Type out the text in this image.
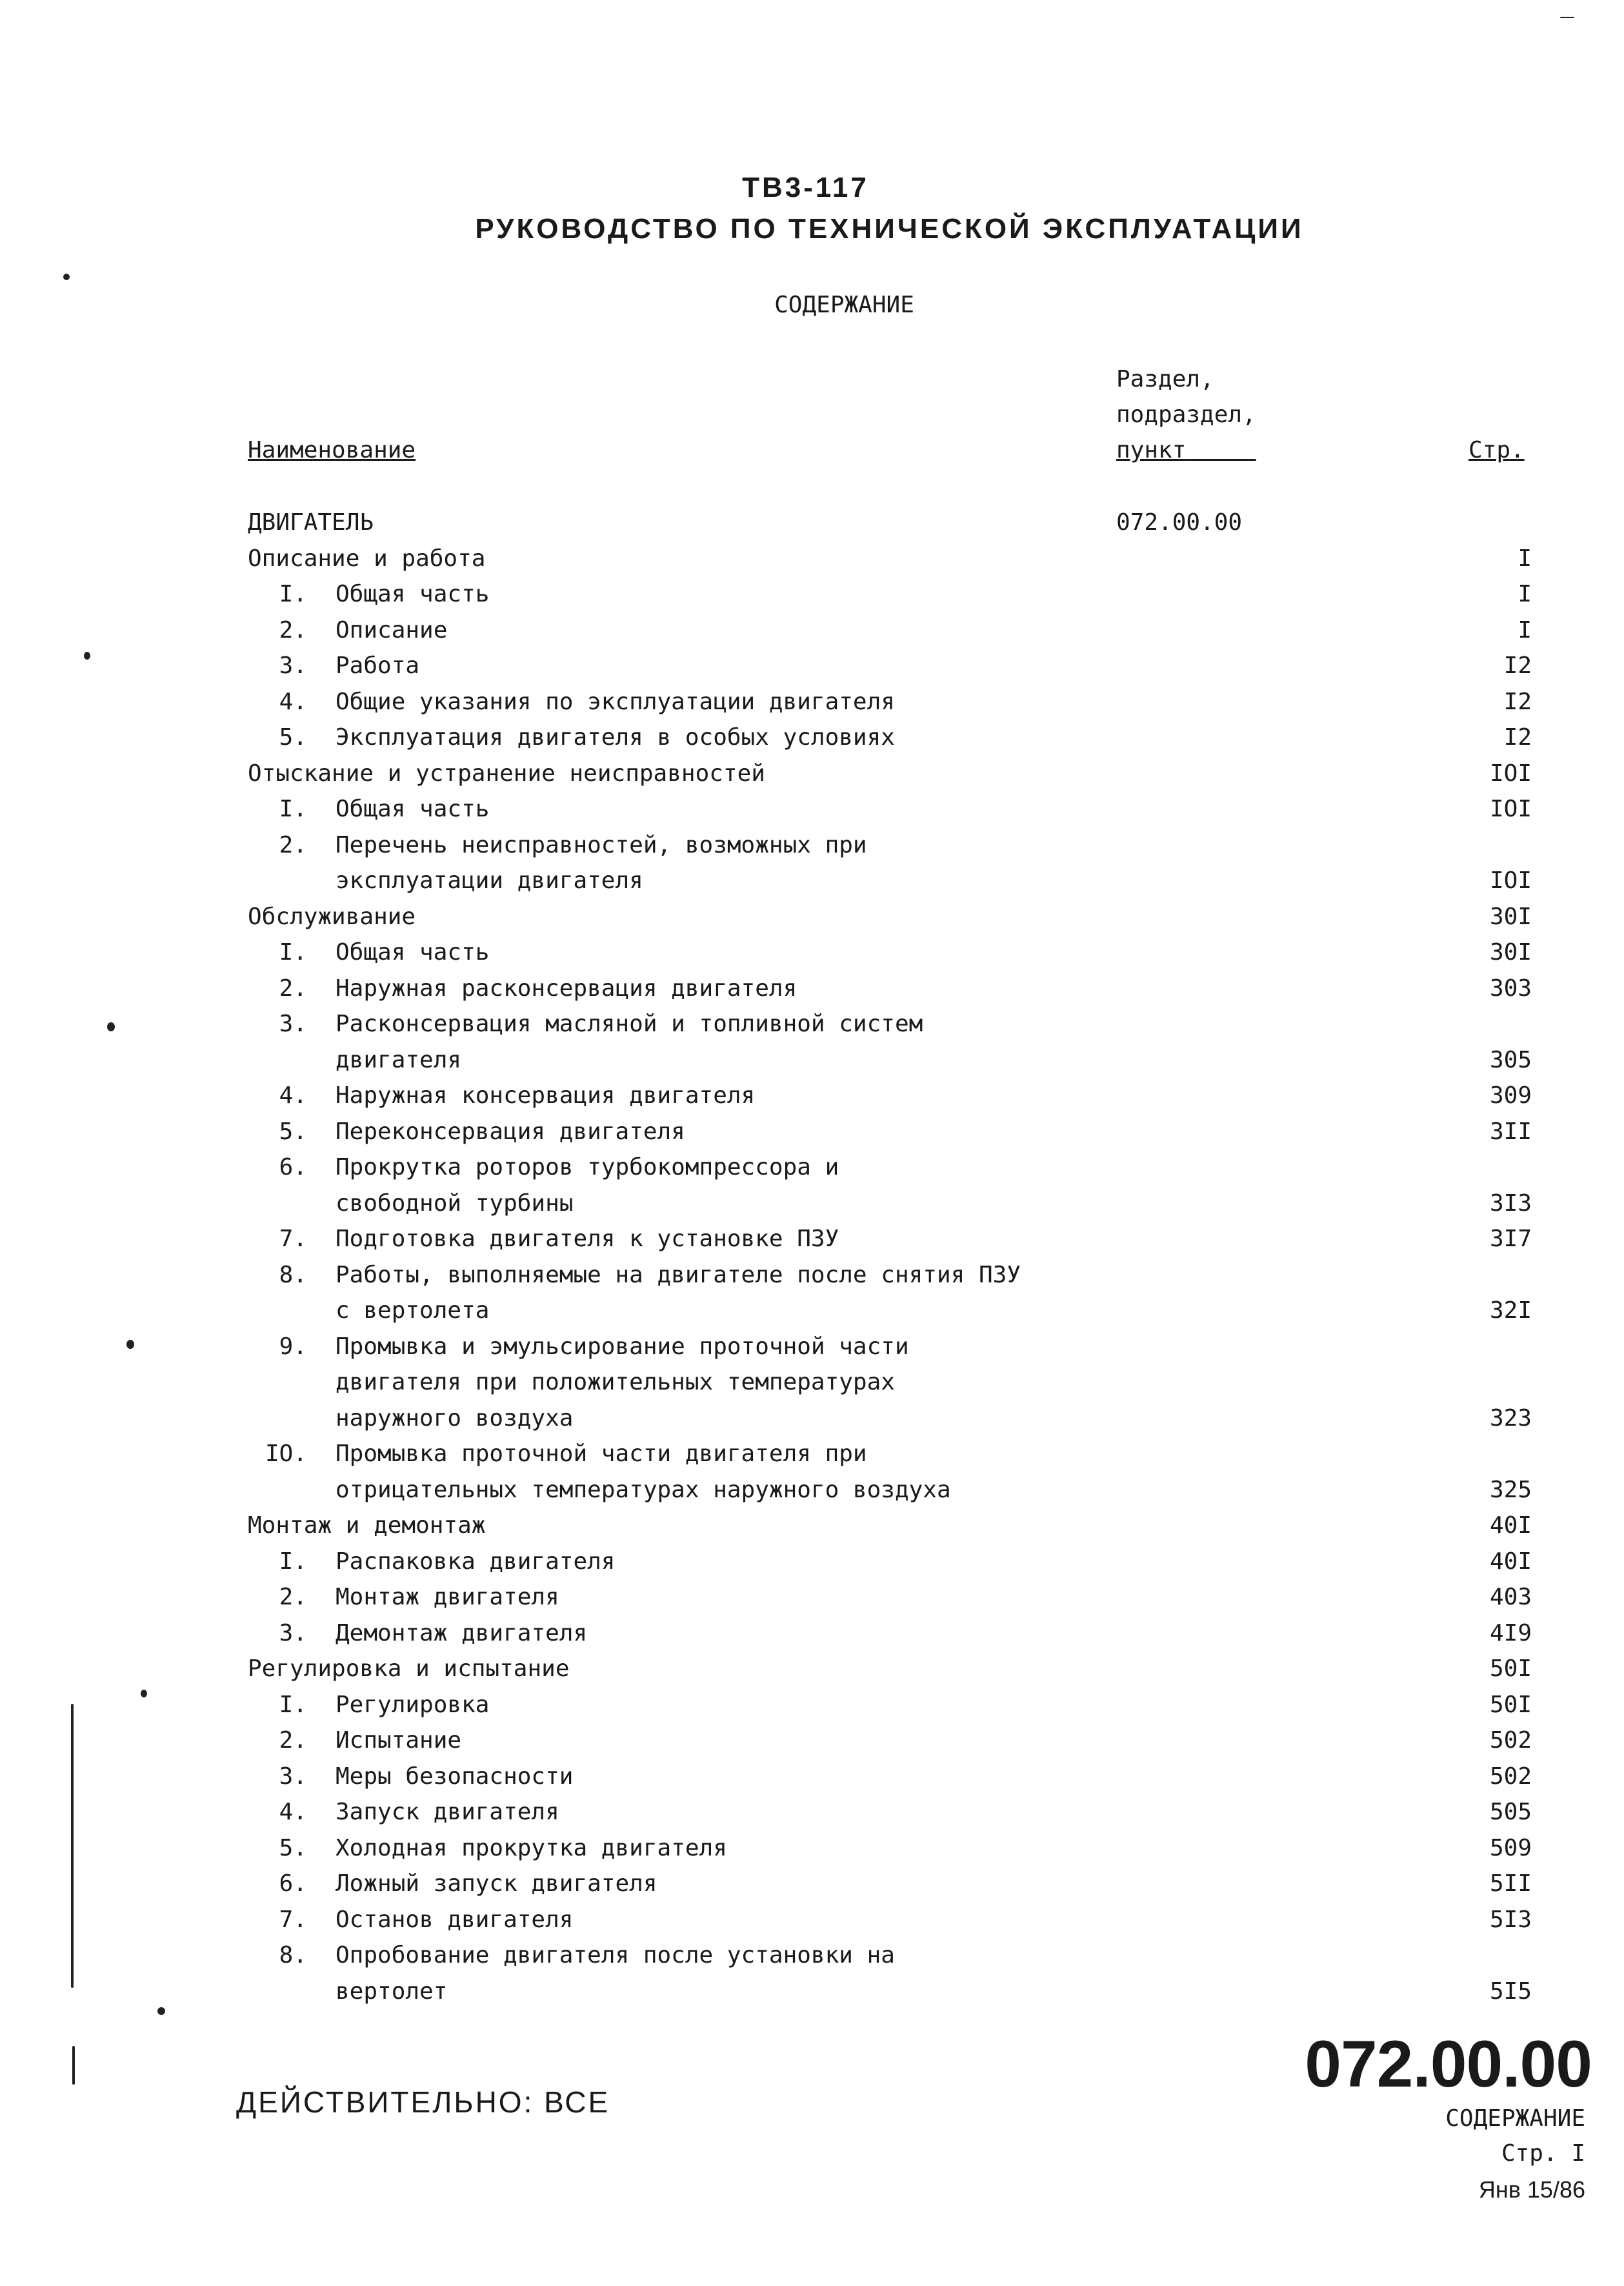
ТВ3-117
РУКОВОДСТВО ПО ТЕХНИЧЕСКОЙ ЭКСПЛУАТАЦИИ
СОДЕРЖАНИЕ
Наименование
Раздел,
подраздел,
пункт	Стр.
ДВИГАТЕЛЬ	072.00.00
Описание и работа	I
I. Общая часть	I
2. Описание	I
3. Работа	I2
4. Общие указания по эксплуатации двигателя	I2
5. Эксплуатация двигателя в особых условиях	I2
Отыскание и устранение неисправностей	IOI
I. Общая часть	IOI
2. Перечень неисправностей, возможных при
эксплуатации двигателя	IOI
Обслуживание	30I
I. Общая часть	30I
2. Наружная расконсервация двигателя	303
3. Расконсервация масляной и топливной систем
двигателя	305
4. Наружная консервация двигателя	309
5. Переконсервация двигателя	3II
6. Прокрутка роторов турбокомпрессора и
свободной турбины	3I3
7. Подготовка двигателя к установке ПЗУ	3I7
8. Работы, выполняемые на двигателе после снятия ПЗУ
с вертолета	32I
9. Промывка и эмульсирование проточной части
двигателя при положительных температурах
наружного воздуха	323
IO. Промывка проточной части двигателя при
отрицательных температурах наружного воздуха	325
Монтаж и демонтаж	40I
I. Распаковка двигателя	40I
2. Монтаж двигателя	403
3. Демонтаж двигателя	4I9
Регулировка и испытание	50I
I. Регулировка	50I
2. Испытание	502
3. Меры безопасности	502
4. Запуск двигателя	505
5. Холодная прокрутка двигателя	509
6. Ложный запуск двигателя	5II
7. Останов двигателя	5I3
8. Опробование двигателя после установки на
вертолет	5I5
ДЕЙСТВИТЕЛЬНО: ВСЕ
072.00.00
СОДЕРЖАНИЕ
Стр. I
Янв 15/86
